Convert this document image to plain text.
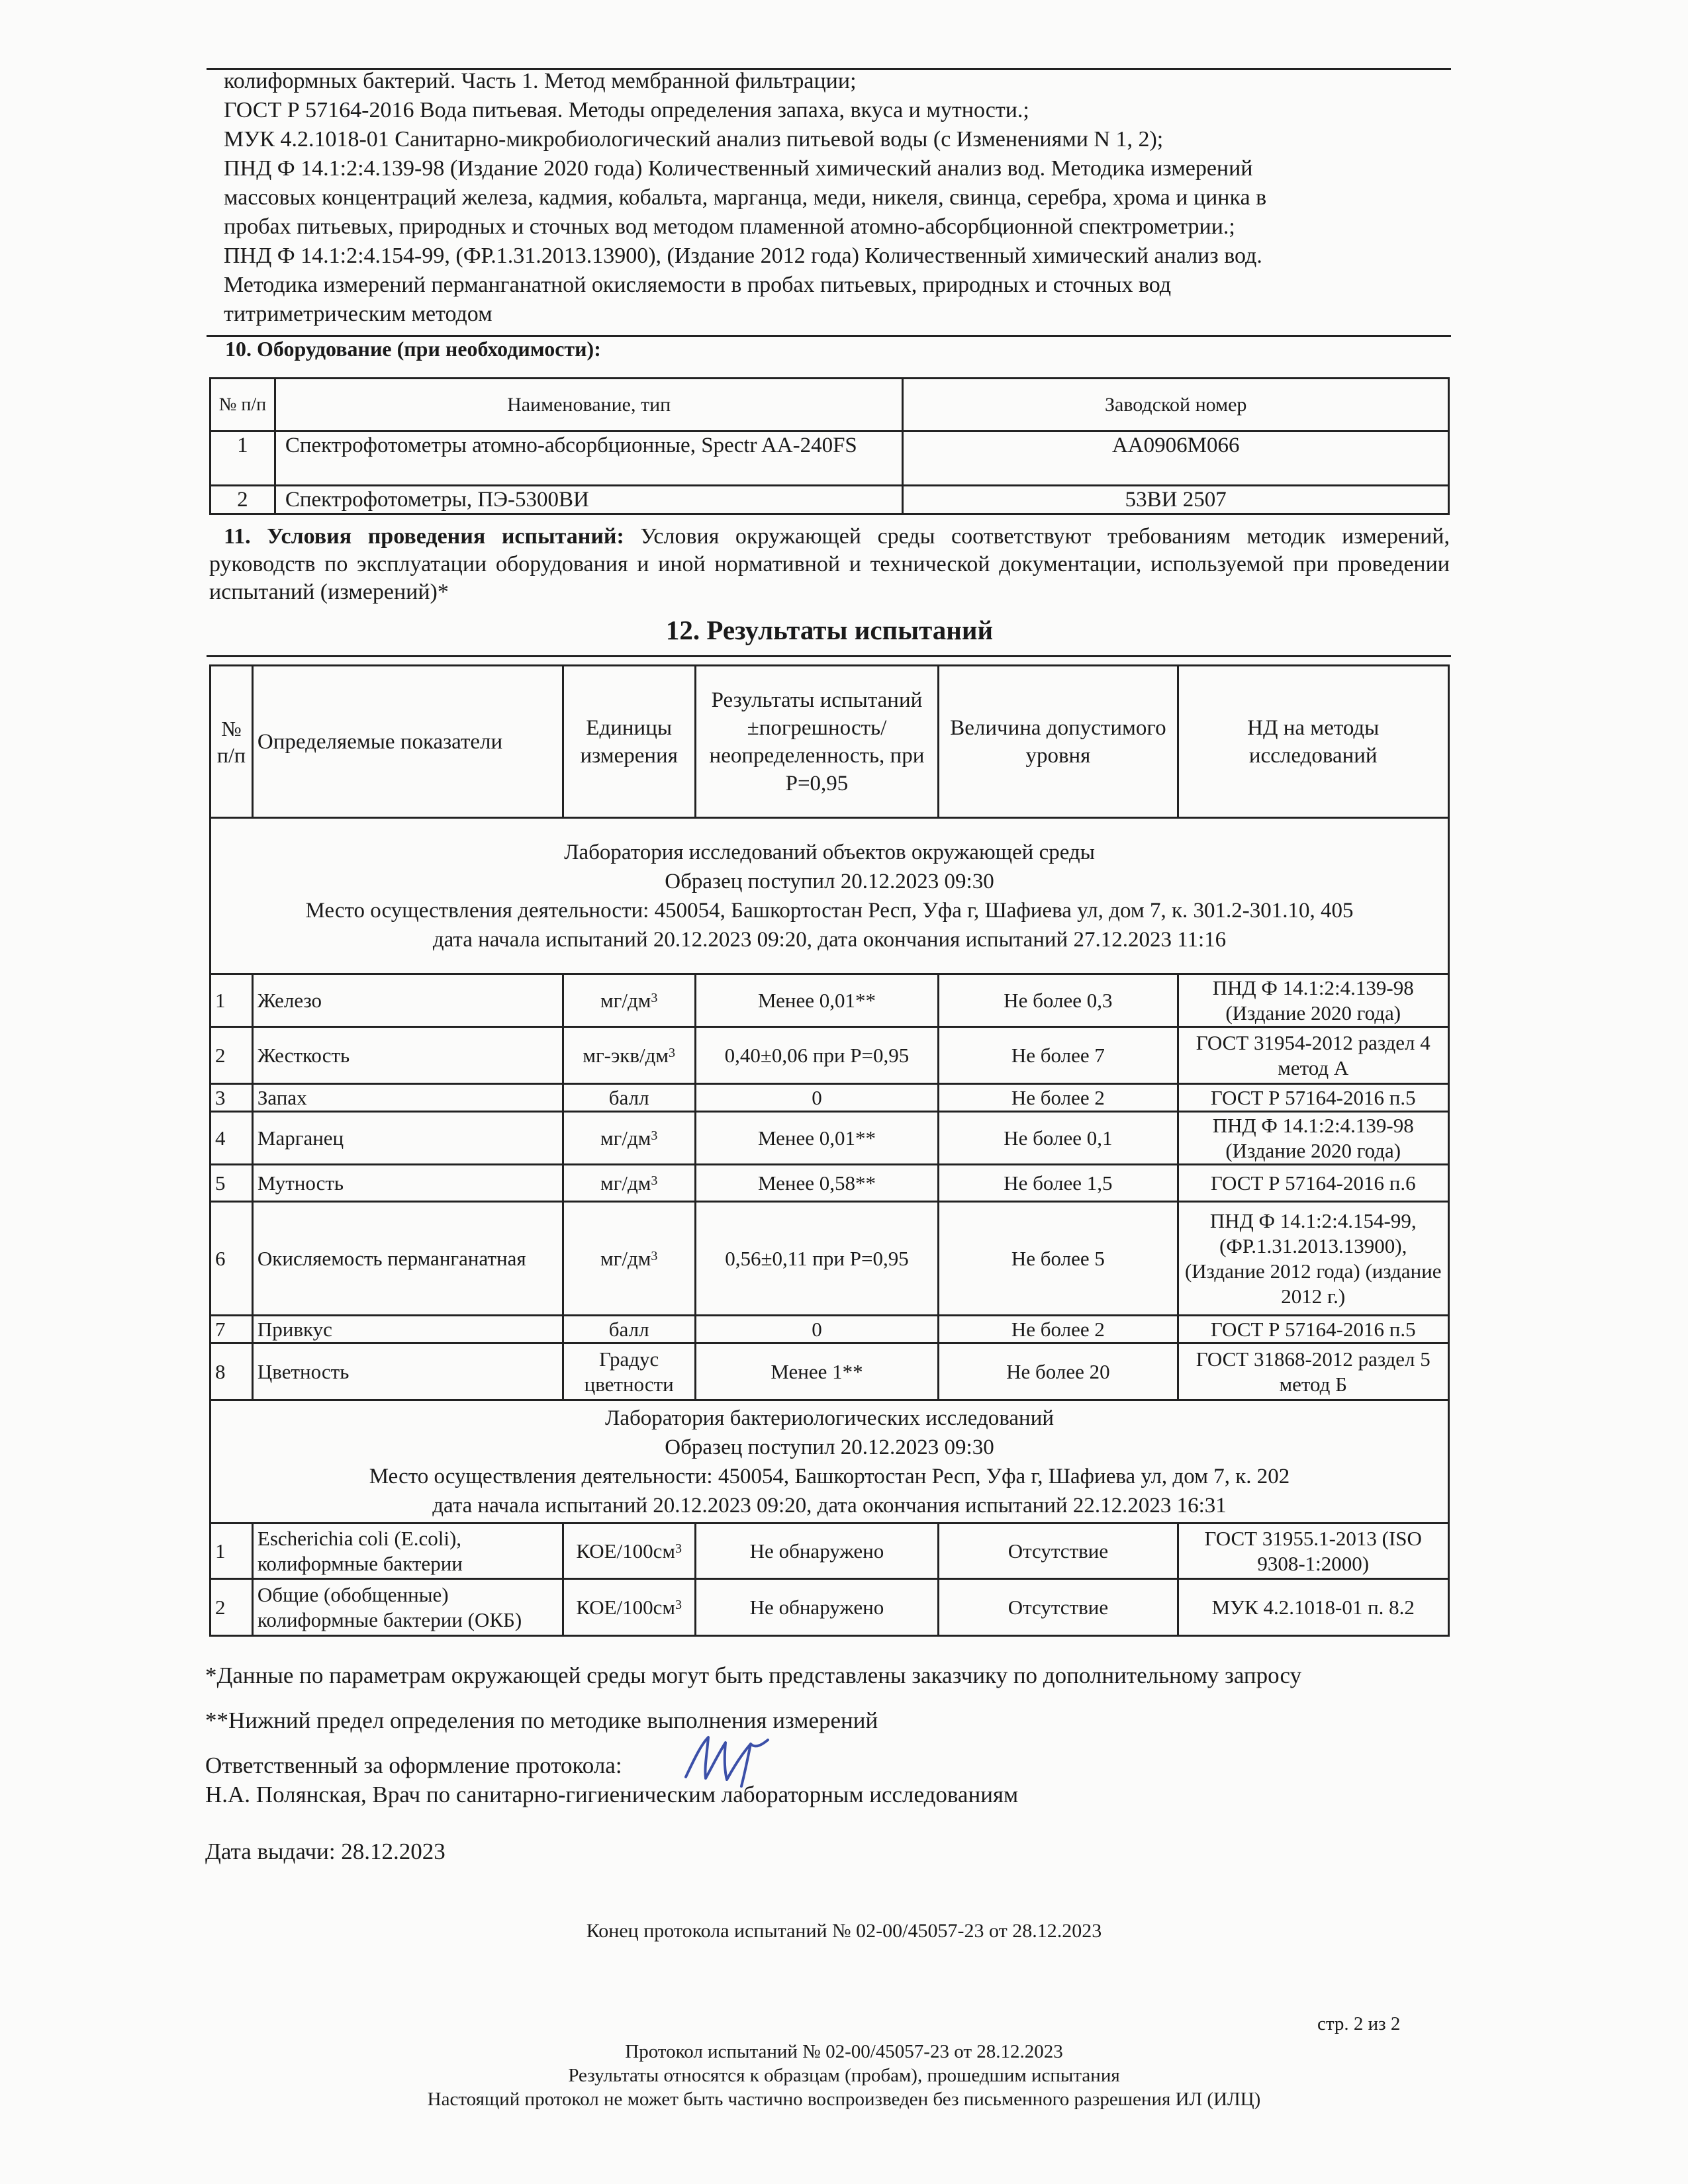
колиформных бактерий. Часть 1. Метод мембранной фильтрации;
ГОСТ Р 57164-2016 Вода питьевая. Методы определения запаха, вкуса и мутности.;
МУК 4.2.1018-01 Санитарно-микробиологический анализ питьевой воды (с Изменениями N 1, 2);
ПНД Ф 14.1:2:4.139-98 (Издание 2020 года) Количественный химический анализ вод. Методика измерений
массовых концентраций железа, кадмия, кобальта, марганца, меди, никеля, свинца, серебра, хрома и цинка в
пробах питьевых, природных и сточных вод методом пламенной атомно-абсорбционной спектрометрии.;
ПНД Ф 14.1:2:4.154-99, (ФР.1.31.2013.13900), (Издание 2012 года) Количественный химический анализ вод.
Методика измерений перманганатной окисляемости в пробах питьевых, природных и сточных вод
титриметрическим методом
10. Оборудование (при необходимости):
№ п/п	Наименование, тип	Заводской номер
1	Спектрофотометры атомно-абсорбционные, Spectr AA-240FS	AA0906M066
2	Спектрофотометры, ПЭ-5300ВИ	53ВИ 2507
11. Условия проведения испытаний: Условия окружающей среды соответствуют требованиям методик измерений, руководств по эксплуатации оборудования и иной нормативной и технической документации, используемой при проведении испытаний (измерений)*
12. Результаты испытаний
№ п/п	Определяемые показатели	Единицы измерения	Результаты испытаний ±погрешность/ неопределенность, при P=0,95	Величина допустимого уровня	НД на методы исследований

Лаборатория исследований объектов окружающей среды
Образец поступил 20.12.2023 09:30
Место осуществления деятельности: 450054, Башкортостан Респ, Уфа г, Шафиева ул, дом 7, к. 301.2-301.10, 405
дата начала испытаний 20.12.2023 09:20, дата окончания испытаний 27.12.2023 11:16					

1	Железо	$мг/дм^3$	Менее 0,01**	Не более 0,3	ПНД Ф 14.1:2:4.139-98 (Издание 2020 года)
2	Жесткость	$мг-экв/дм^3$	0,40±0,06 при P=0,95	Не более 7	ГОСТ 31954-2012 раздел 4 метод А
3	Запах	балл	0	Не более 2	ГОСТ Р 57164-2016 п.5
4	Марганец	$мг/дм^3$	Менее 0,01**	Не более 0,1	ПНД Ф 14.1:2:4.139-98 (Издание 2020 года)
5	Мутность	$мг/дм^3$	Менее 0,58**	Не более 1,5	ГОСТ Р 57164-2016 п.6
6	Окисляемость перманганатная	$мг/дм^3$	0,56±0,11 при P=0,95	Не более 5	ПНД Ф 14.1:2:4.154-99, (ФР.1.31.2013.13900), (Издание 2012 года) (издание 2012 г.)
7	Привкус	балл	0	Не более 2	ГОСТ Р 57164-2016 п.5
8	Цветность	Градус цветности	Менее 1**	Не более 20	ГОСТ 31868-2012 раздел 5 метод Б

Лаборатория бактериологических исследований
Образец поступил 20.12.2023 09:30
Место осуществления деятельности: 450054, Башкортостан Респ, Уфа г, Шафиева ул, дом 7, к. 202
дата начала испытаний 20.12.2023 09:20, дата окончания испытаний 22.12.2023 16:31					

1	Escherichia coli (E.coli), колиформные бактерии	КОЕ/$100см^3$	Не обнаружено	Отсутствие	ГОСТ 31955.1-2013 (ISO 9308-1:2000)
2	Общие (обобщенные) колиформные бактерии (ОКБ)	КОЕ/$100см^3$	Не обнаружено	Отсутствие	МУК 4.2.1018-01 п. 8.2
*Данные по параметрам окружающей среды могут быть представлены заказчику по дополнительному запросу
**Нижний предел определения по методике выполнения измерений
Ответственный за оформление протокола:
Н.А. Полянская, Врач по санитарно-гигиеническим лабораторным исследованиям
Дата выдачи: 28.12.2023
Конец протокола испытаний № 02-00/45057-23 от 28.12.2023
стр. 2 из 2
Протокол испытаний № 02-00/45057-23 от 28.12.2023
Результаты относятся к образцам (пробам), прошедшим испытания
Настоящий протокол не может быть частично воспроизведен без письменного разрешения ИЛ (ИЛЦ)
